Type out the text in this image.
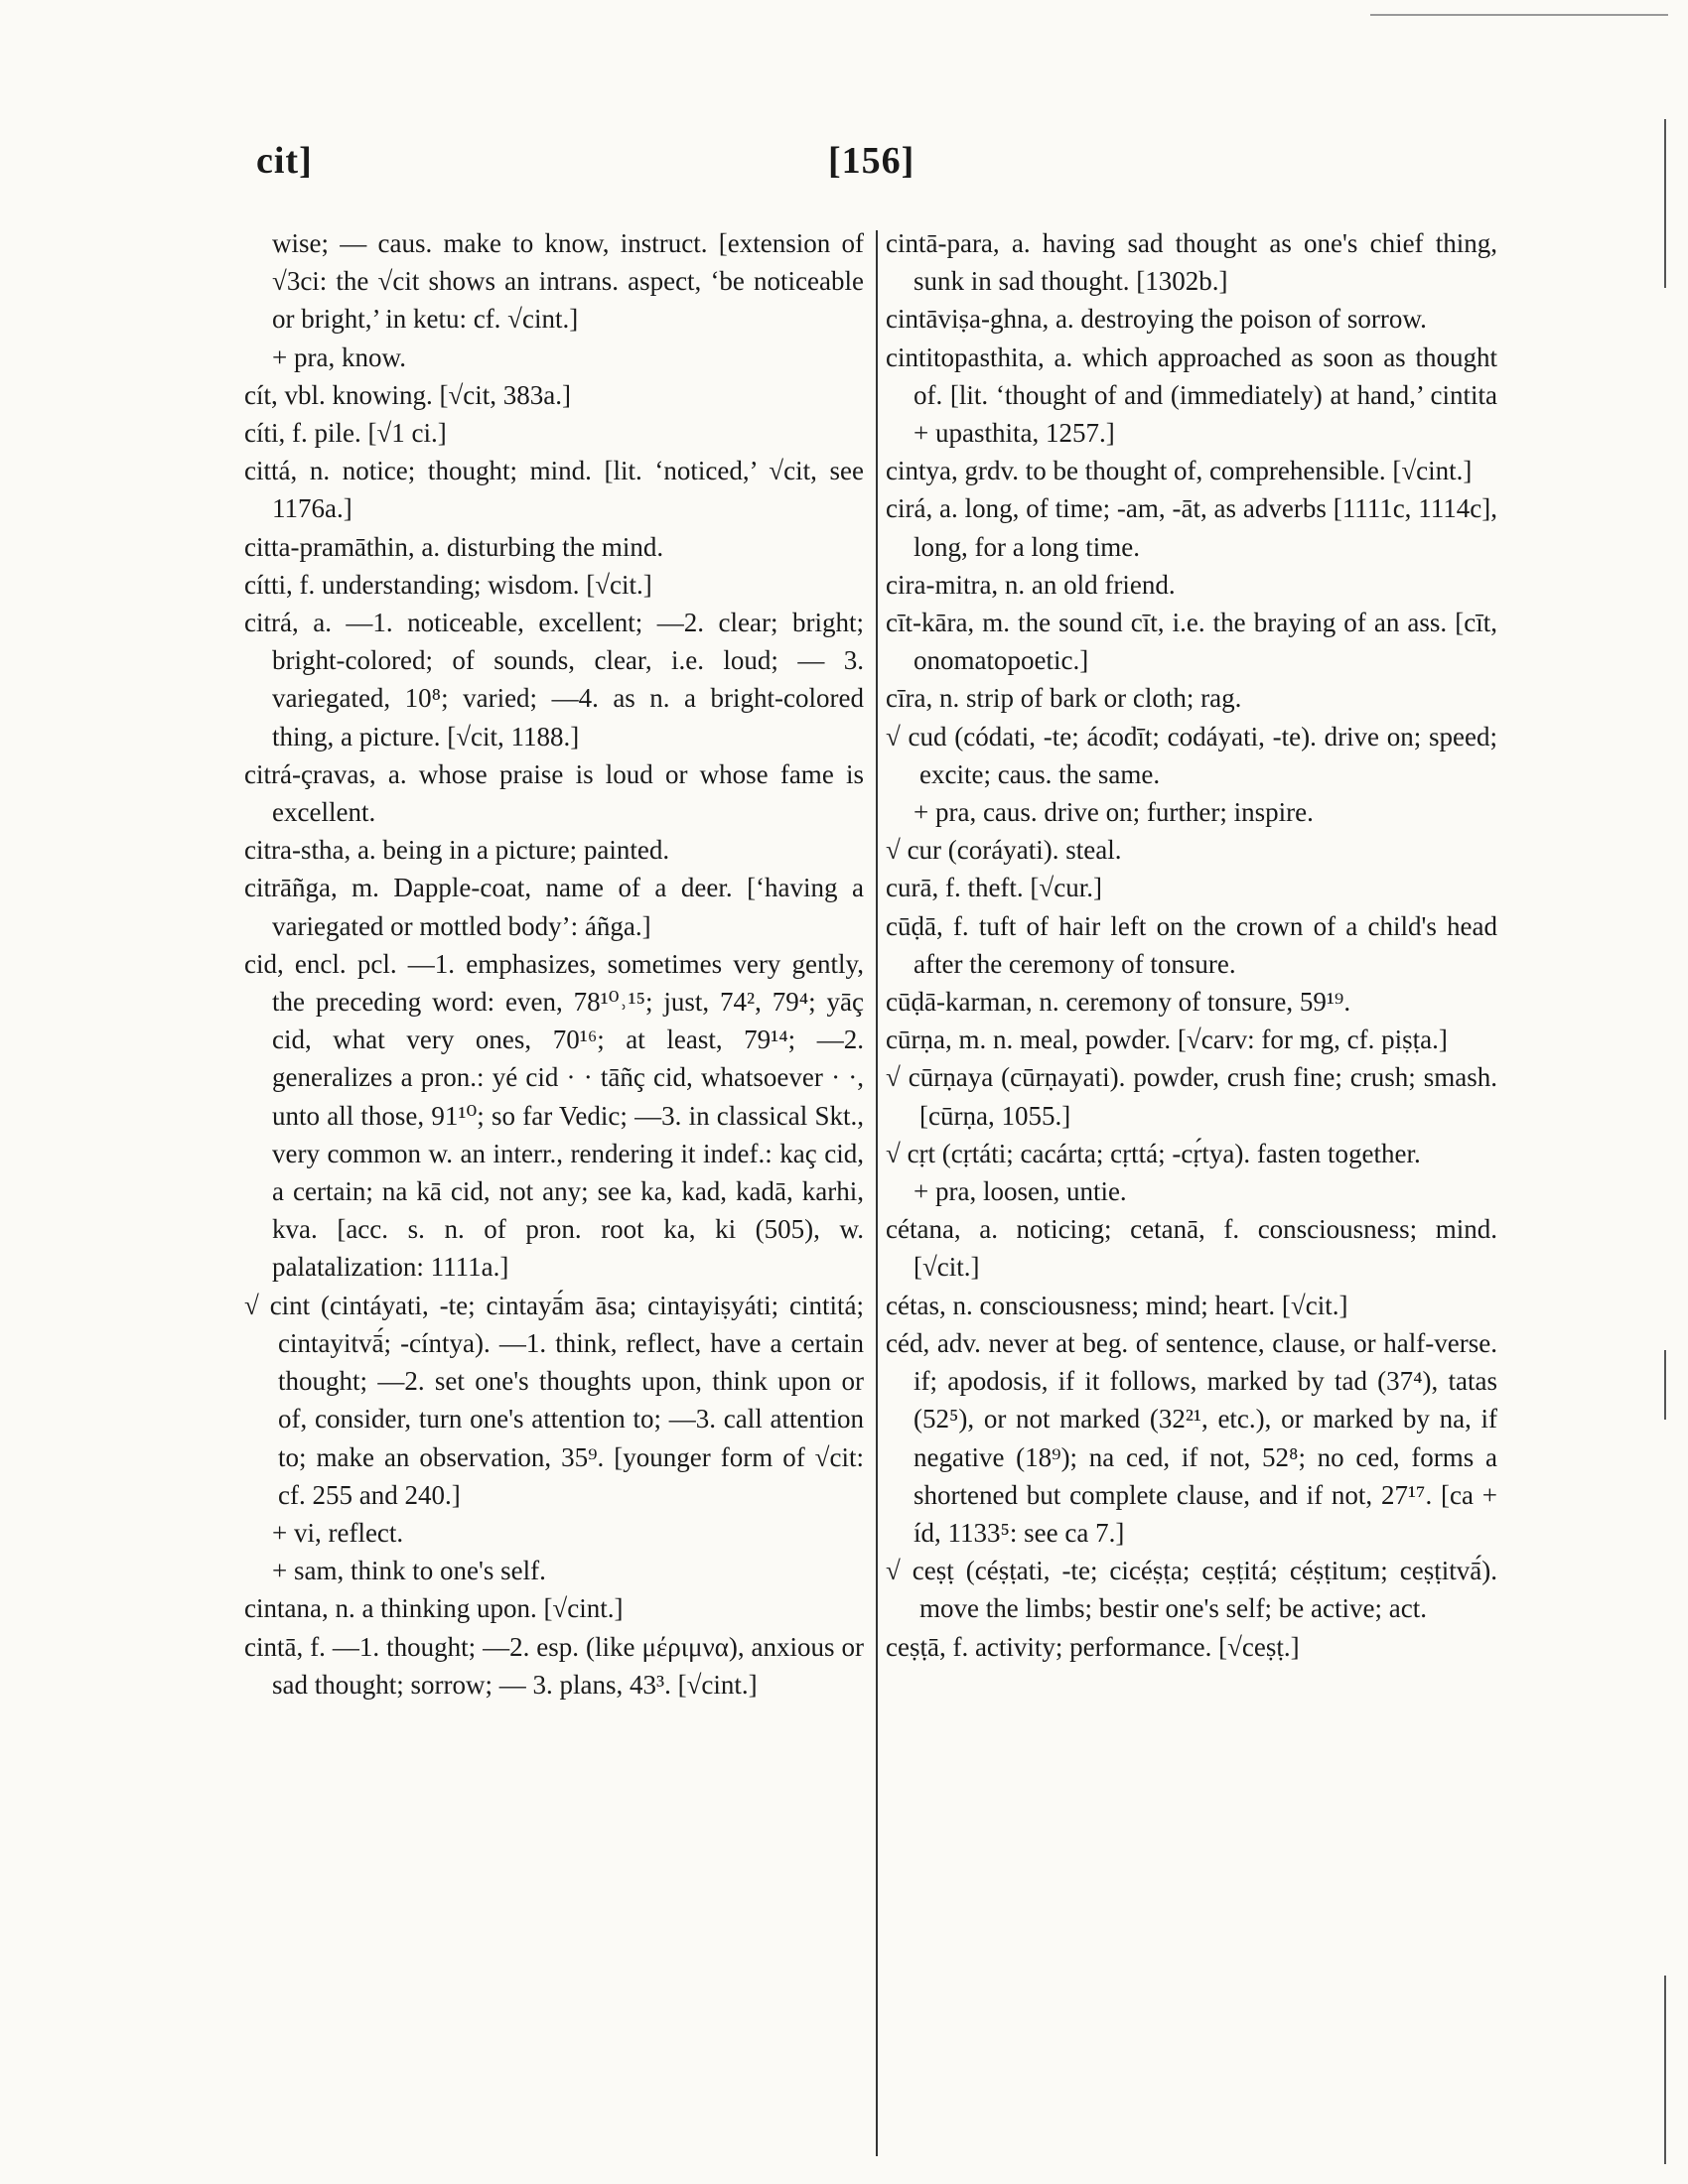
cit]	[156]

wise; — caus. make to know, instruct. [extension of √3ci: the √cit shows an intrans. aspect, ‘be noticeable or bright,’ in ketu: cf. √cint.]

+ pra, know.

cít, vbl. knowing. [√cit, 383a.]

cíti, f. pile. [√1 ci.]

cittá, n. notice; thought; mind. [lit. ‘noticed,’ √cit, see 1176a.]

citta-pramāthin, a. disturbing the mind.

cítti, f. understanding; wisdom. [√cit.]

citrá, a. —1. noticeable, excellent; —2. clear; bright; bright-colored; of sounds, clear, i.e. loud; — 3. variegated, 10⁸; varied; —4. as n. a bright-colored thing, a picture. [√cit, 1188.]

citrá-çravas, a. whose praise is loud or whose fame is excellent.

citra-stha, a. being in a picture; painted.

citrāñga, m. Dapple-coat, name of a deer. [‘having a variegated or mottled body’: áñga.]

cid, encl. pcl. —1. emphasizes, sometimes very gently, the preceding word: even, 78¹⁰˒¹⁵; just, 74², 79⁴; yāç cid, what very ones, 70¹⁶; at least, 79¹⁴; —2. generalizes a pron.: yé cid · · tāñç cid, whatsoever · ·, unto all those, 91¹⁰; so far Vedic; —3. in classical Skt., very common w. an interr., rendering it indef.: kaç cid, a certain; na kā cid, not any; see ka, kad, kadā, karhi, kva. [acc. s. n. of pron. root ka, ki (505), w. palatalization: 1111a.]

√ cint (cintáyati, -te; cintayā́m āsa; cintayiṣyáti; cintitá; cintayitvā́; -cíntya). —1. think, reflect, have a certain thought; —2. set one's thoughts upon, think upon or of, consider, turn one's attention to; —3. call attention to; make an observation, 35⁹. [younger form of √cit: cf. 255 and 240.]

+ vi, reflect.

+ sam, think to one's self.

cintana, n. a thinking upon. [√cint.]

cintā, f. —1. thought; —2. esp. (like μέριμνα), anxious or sad thought; sorrow; — 3. plans, 43³. [√cint.]

cintā-para, a. having sad thought as one's chief thing, sunk in sad thought. [1302b.]

cintāviṣa-ghna, a. destroying the poison of sorrow.

cintitopasthita, a. which approached as soon as thought of. [lit. ‘thought of and (immediately) at hand,’ cintita + upasthita, 1257.]

cintya, grdv. to be thought of, comprehensible. [√cint.]

cirá, a. long, of time; -am, -āt, as adverbs [1111c, 1114c], long, for a long time.

cira-mitra, n. an old friend.

cīt-kāra, m. the sound cīt, i.e. the braying of an ass. [cīt, onomatopoetic.]

cīra, n. strip of bark or cloth; rag.

√ cud (códati, -te; ácodīt; codáyati, -te). drive on; speed; excite; caus. the same.

+ pra, caus. drive on; further; inspire.

√ cur (coráyati). steal.

curā, f. theft. [√cur.]

cūḍā, f. tuft of hair left on the crown of a child's head after the ceremony of tonsure.

cūḍā-karman, n. ceremony of tonsure, 59¹⁹.

cūrṇa, m. n. meal, powder. [√carv: for mg, cf. piṣṭa.]

√ cūrṇaya (cūrṇayati). powder, crush fine; crush; smash. [cūrṇa, 1055.]

√ cṛt (cṛtáti; cacárta; cṛttá; -cṛ́tya). fasten together.

+ pra, loosen, untie.

cétana, a. noticing; cetanā, f. consciousness; mind. [√cit.]

cétas, n. consciousness; mind; heart. [√cit.]

céd, adv. never at beg. of sentence, clause, or half-verse. if; apodosis, if it follows, marked by tad (37⁴), tatas (52⁵), or not marked (32²¹, etc.), or marked by na, if negative (18⁹); na ced, if not, 52⁸; no ced, forms a shortened but complete clause, and if not, 27¹⁷. [ca + íd, 1133⁵: see ca 7.]

√ ceṣṭ (céṣṭati, -te; cicéṣṭa; ceṣṭitá; céṣṭitum; ceṣṭitvā́). move the limbs; bestir one's self; be active; act.

ceṣṭā, f. activity; performance. [√ceṣṭ.]
